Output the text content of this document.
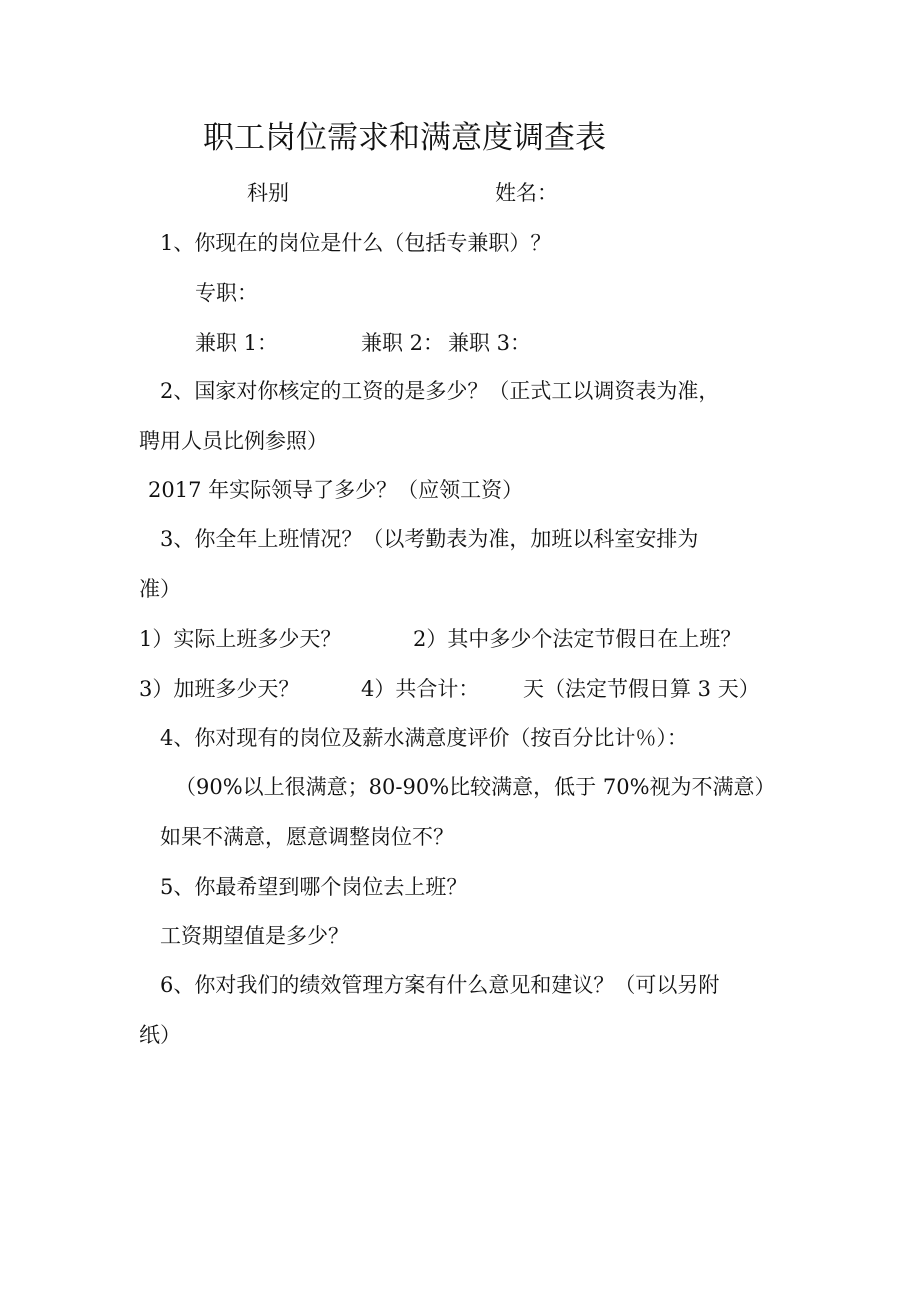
职工岗位需求和满意度调查表
科别	姓名：
1、你现在的岗位是什么（包括专兼职）？
专职：
兼职 1：	兼职 2： 兼职 3：
2、国家对你核定的工资的是多少？（正式工以调资表为准，
聘用人员比例参照）
2017 年实际领导了多少？（应领工资）
3、你全年上班情况？（以考勤表为准，加班以科室安排为
准）
1）实际上班多少天？	2）其中多少个法定节假日在上班？
3）加班多少天？	4）共合计： 天（法定节假日算 3 天）
4、你对现有的岗位及薪水满意度评价（按百分比计％）：
（90%以上很满意；80-90%比较满意，低于 70%视为不满意）
如果不满意，愿意调整岗位不？
5、你最希望到哪个岗位去上班？
工资期望值是多少？
6、你对我们的绩效管理方案有什么意见和建议？（可以另附
纸）
